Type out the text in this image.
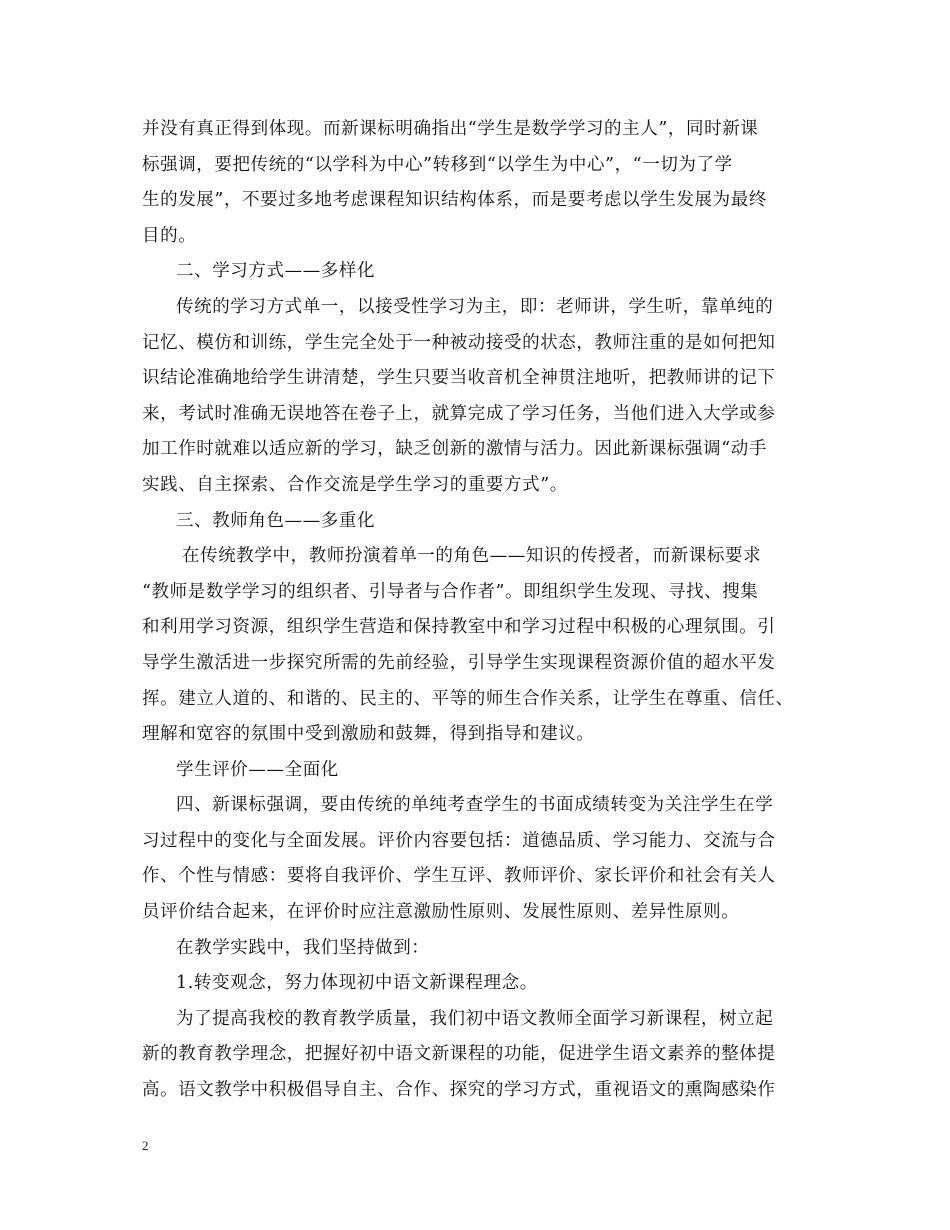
并没有真正得到体现。而新课标明确指出“学生是数学学习的主人”，同时新课
标强调，要把传统的“以学科为中心”转移到“以学生为中心”，“一切为了学
生的发展”，不要过多地考虑课程知识结构体系，而是要考虑以学生发展为最终
目的。
二、学习方式——多样化
传统的学习方式单一，以接受性学习为主，即：老师讲，学生听，靠单纯的
记忆、模仿和训练，学生完全处于一种被动接受的状态，教师注重的是如何把知
识结论准确地给学生讲清楚，学生只要当收音机全神贯注地听，把教师讲的记下
来，考试时准确无误地答在卷子上，就算完成了学习任务，当他们进入大学或参
加工作时就难以适应新的学习，缺乏创新的激情与活力。因此新课标强调“动手
实践、自主探索、合作交流是学生学习的重要方式”。
三、教师角色——多重化
在传统教学中，教师扮演着单一的角色——知识的传授者，而新课标要求
“教师是数学学习的组织者、引导者与合作者”。即组织学生发现、寻找、搜集
和利用学习资源，组织学生营造和保持教室中和学习过程中积极的心理氛围。引
导学生激活进一步探究所需的先前经验，引导学生实现课程资源价值的超水平发
挥。建立人道的、和谐的、民主的、平等的师生合作关系，让学生在尊重、信任、
理解和宽容的氛围中受到激励和鼓舞，得到指导和建议。
学生评价——全面化
四、新课标强调，要由传统的单纯考查学生的书面成绩转变为关注学生在学
习过程中的变化与全面发展。评价内容要包括：道德品质、学习能力、交流与合
作、个性与情感：要将自我评价、学生互评、教师评价、家长评价和社会有关人
员评价结合起来，在评价时应注意激励性原则、发展性原则、差异性原则。
在教学实践中，我们坚持做到：
1.转变观念，努力体现初中语文新课程理念。
为了提高我校的教育教学质量，我们初中语文教师全面学习新课程，树立起
新的教育教学理念，把握好初中语文新课程的功能，促进学生语文素养的整体提
高。语文教学中积极倡导自主、合作、探究的学习方式，重视语文的熏陶感染作
2
